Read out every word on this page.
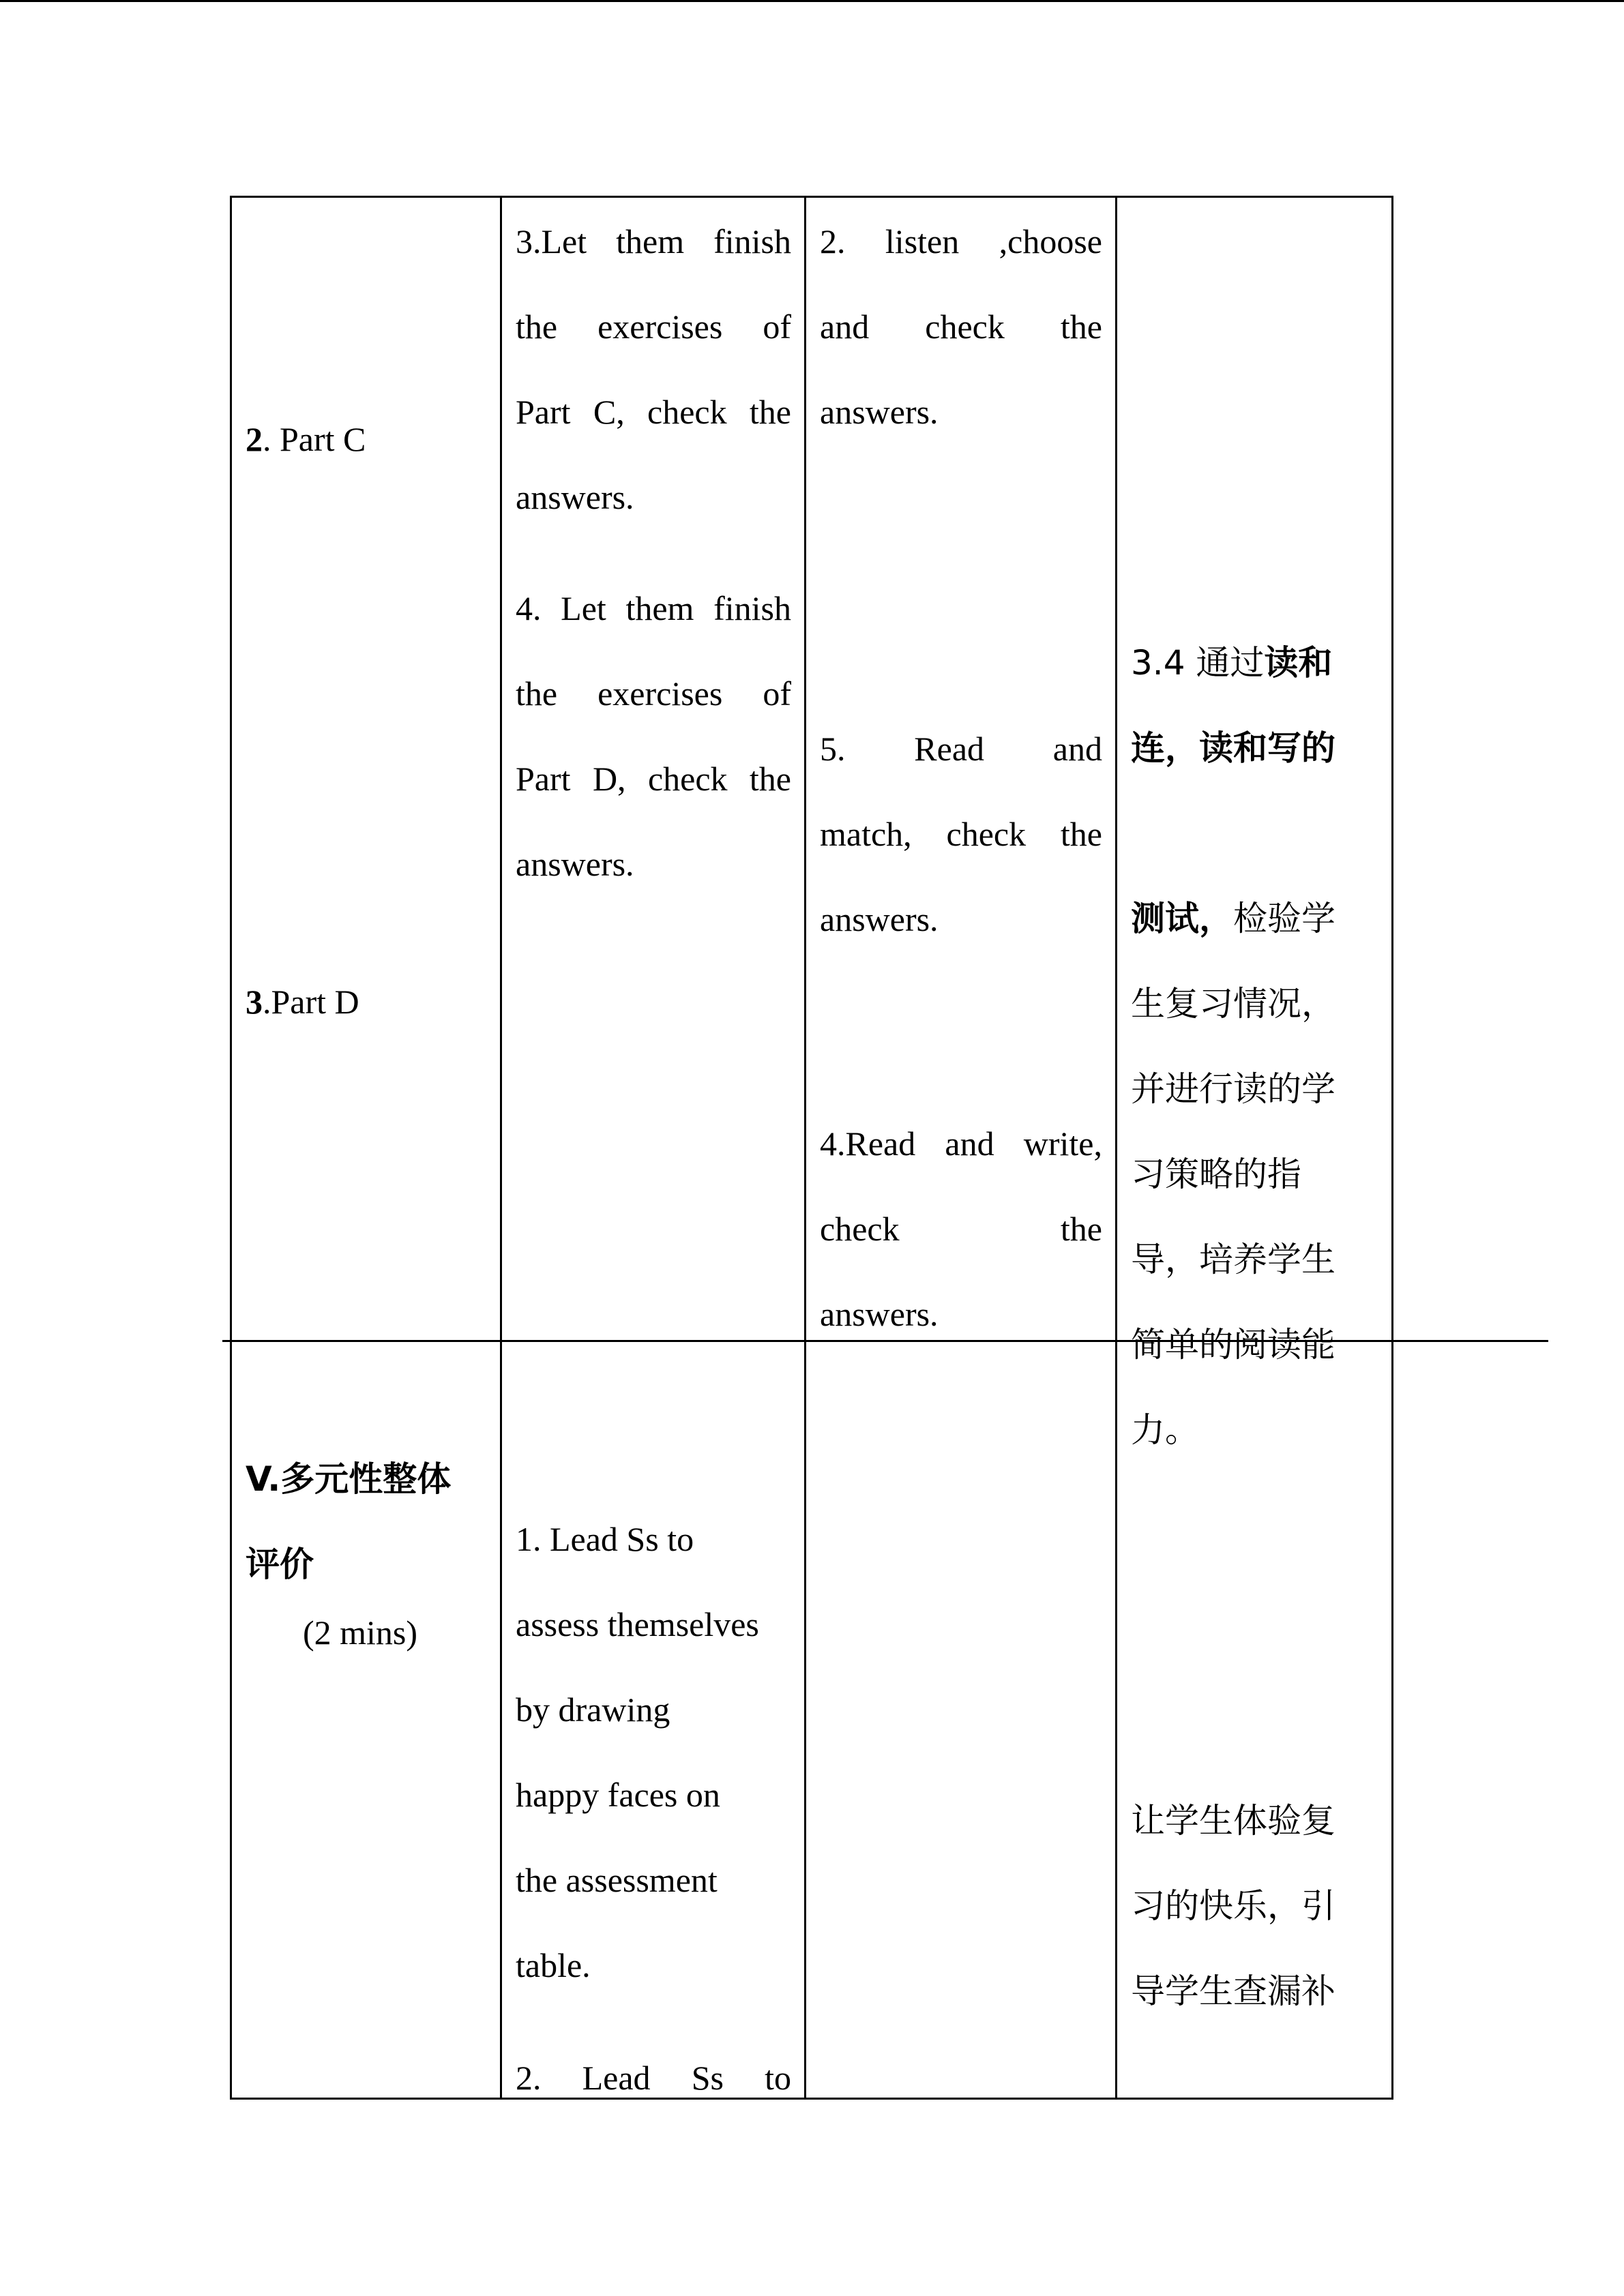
2. Part C

3.Part D

3.Let them finish
the exercises of
Part C, check the
answers.
4. Let them finish
the exercises of
Part D, check the
answers.
2. listen ,choose
and check the
answers.
5. Read and
match, check the
answers.
4.Read and write,
check the
answers.

3.4 通过读和

连，读和写的

测试，检验学

生复习情况，
并进行读的学
习策略的指
导，培养学生
简单的阅读能
力。
V.多元性整体
评价
(2 mins)
1. Lead Ss to
assess themselves
by drawing
happy faces on
the assessment
table.
2. Lead Ss to
让学生体验复
习的快乐，引
导学生查漏补
